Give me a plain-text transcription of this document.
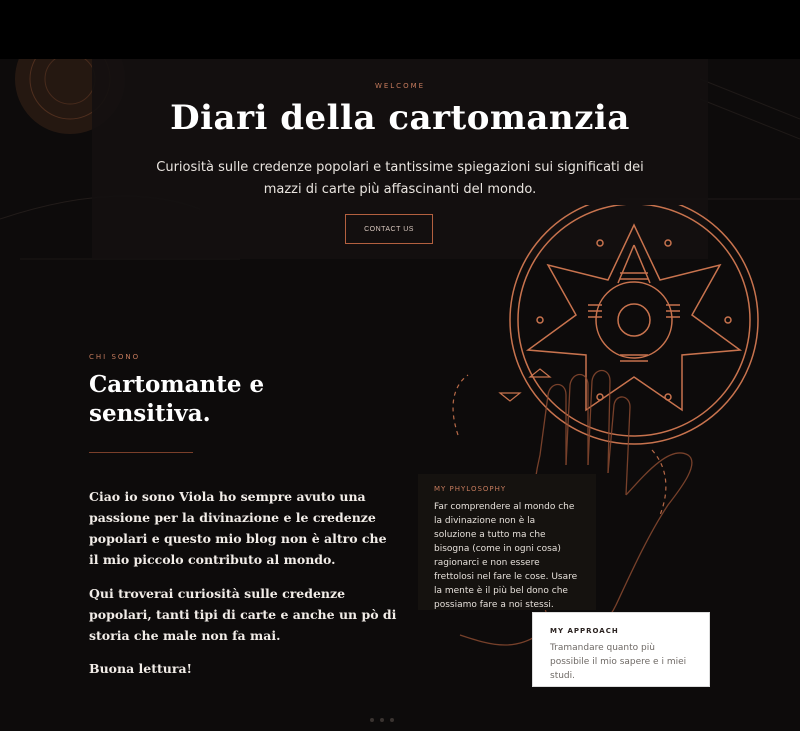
WELCOME
Diari della cartomanzia
Curiosità sulle credenze popolari e tantissime spiegazioni sui significati dei
mazzi di carte più affascinanti del mondo.
CONTACT US
CHI SONO
Cartomante e
sensitiva.

Ciao io sono Viola ho sempre avuto una passione per la divinazione e le credenze popolari e questo mio blog non è altro che il mio piccolo contributo al mondo.

Qui troverai curiosità sulle credenze popolari, tanti tipi di carte e anche un pò di storia che male non fa mai.

Buona lettura!

MY PHYLOSOPHY
Far comprendere al mondo che la divinazione non è la soluzione a tutto ma che bisogna (come in ogni cosa) ragionarci e non essere frettolosi nel fare le cose. Usare la mente è il più bel dono che possiamo fare a noi stessi.
MY APPROACH
Tramandare quanto più possibile il mio sapere e i miei studi.
